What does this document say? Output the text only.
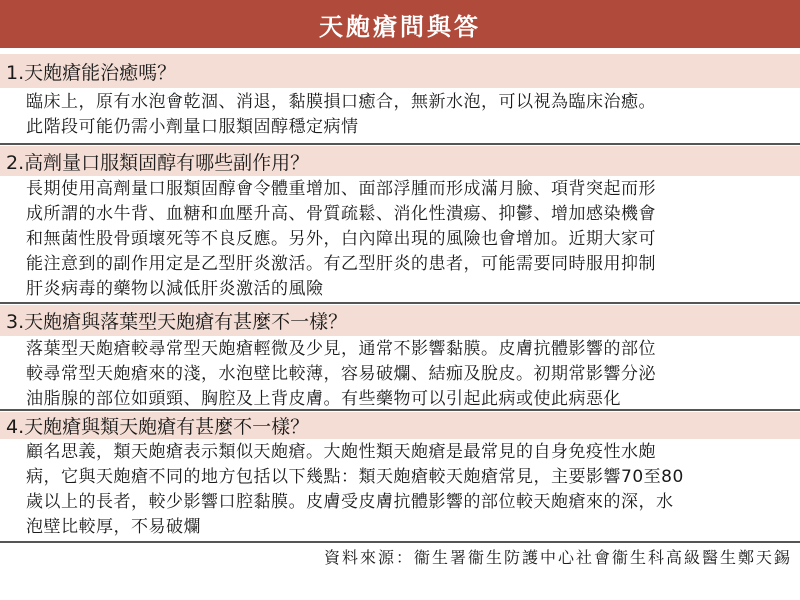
天皰瘡問與答
1.天皰瘡能治癒嗎？
臨床上，原有水泡會乾涸、消退，黏膜損口癒合，無新水泡，可以視為臨床治癒。
此階段可能仍需小劑量口服類固醇穩定病情
2.高劑量口服類固醇有哪些副作用？
長期使用高劑量口服類固醇會令體重增加、面部浮腫而形成滿月臉、項背突起而形
成所謂的水牛背、血糖和血壓升高、骨質疏鬆、消化性潰瘍、抑鬱、增加感染機會
和無菌性股骨頭壞死等不良反應。另外，白內障出現的風險也會增加。近期大家可
能注意到的副作用定是乙型肝炎激活。有乙型肝炎的患者，可能需要同時服用抑制
肝炎病毒的藥物以減低肝炎激活的風險
3.天皰瘡與落葉型天皰瘡有甚麼不一樣？
落葉型天皰瘡較尋常型天皰瘡輕微及少見，通常不影響黏膜。皮膚抗體影響的部位
較尋常型天皰瘡來的淺，水泡壁比較薄，容易破爛、結痂及脫皮。初期常影響分泌
油脂腺的部位如頭頸、胸腔及上背皮膚。有些藥物可以引起此病或使此病惡化
4.天皰瘡與類天皰瘡有甚麼不一樣？
顧名思義，類天皰瘡表示類似天皰瘡。大皰性類天皰瘡是最常見的自身免疫性水皰
病，它與天皰瘡不同的地方包括以下幾點：類天皰瘡較天皰瘡常見，主要影響70至80
歲以上的長者，較少影響口腔黏膜。皮膚受皮膚抗體影響的部位較天皰瘡來的深，水
泡壁比較厚，不易破爛
資料來源：衞生署衞生防護中心社會衞生科高級醫生鄭天錫
